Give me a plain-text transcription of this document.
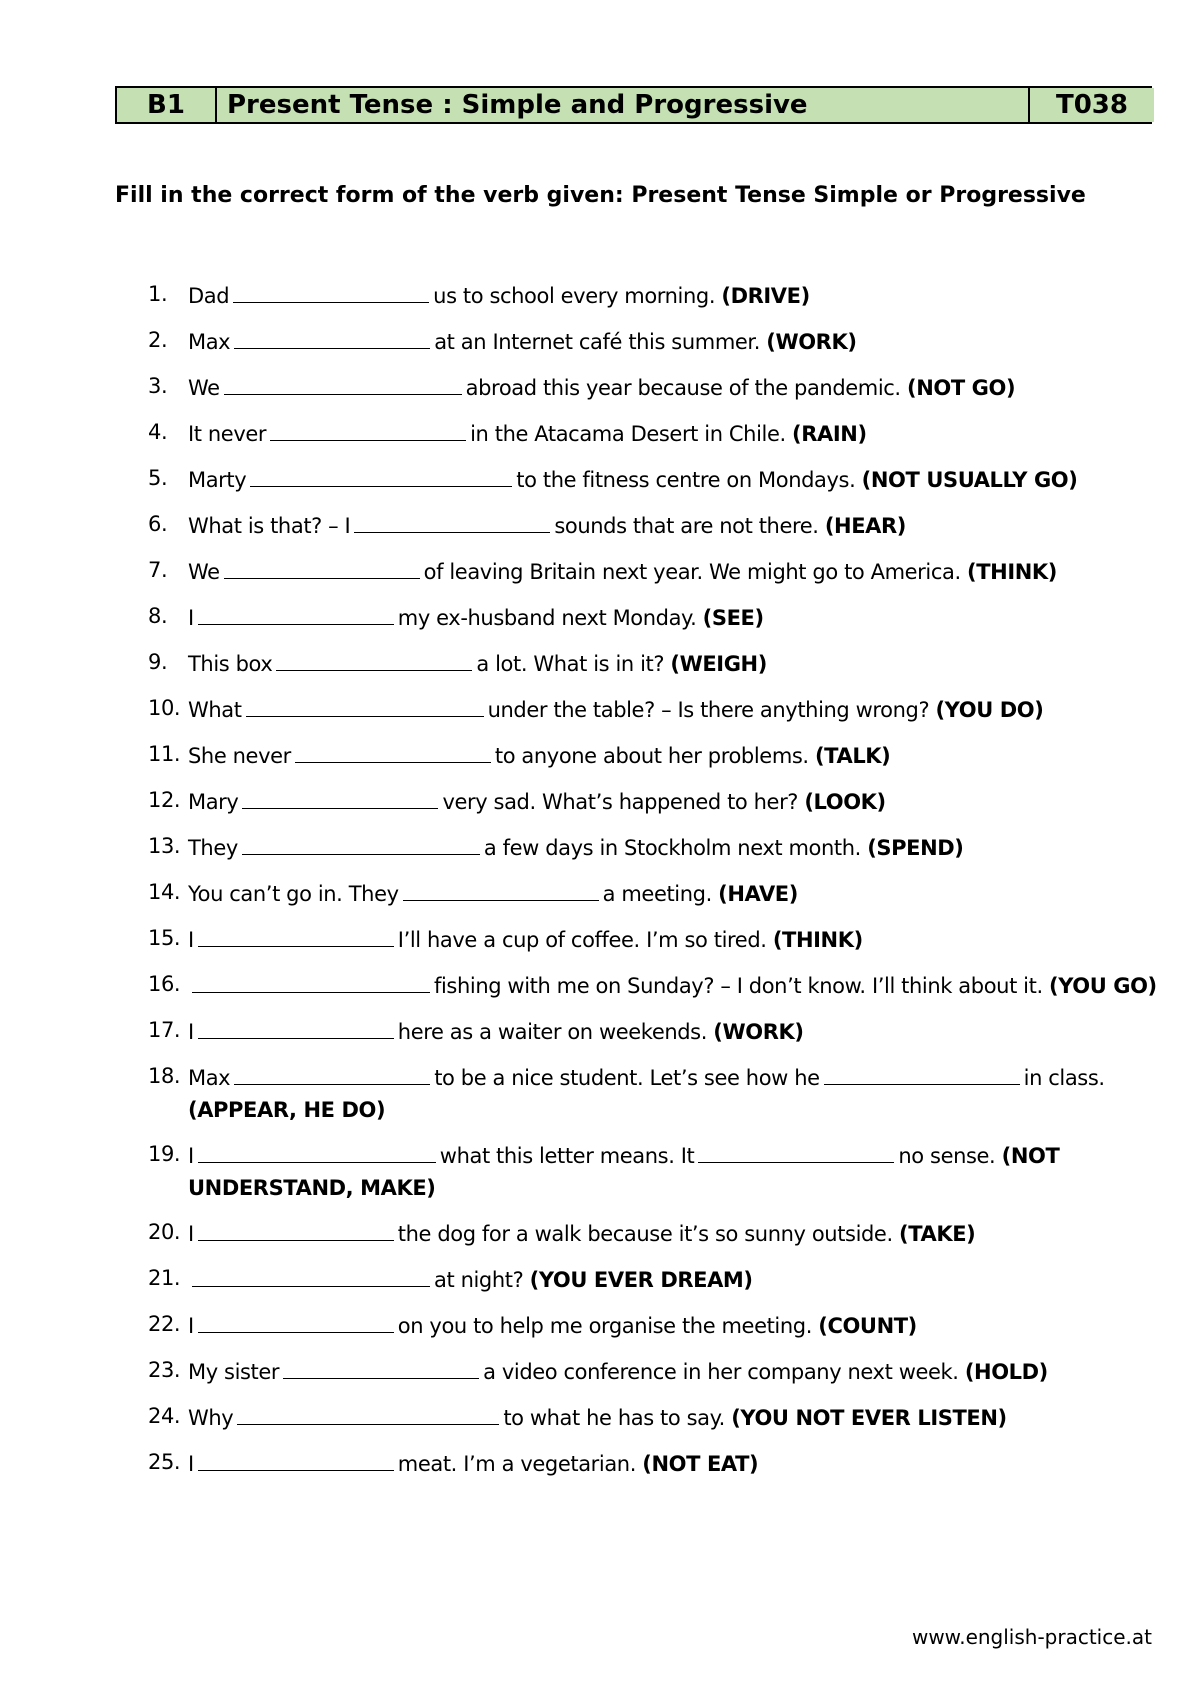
B1	Present Tense : Simple and Progressive	T038
Fill in the correct form of the verb given: Present Tense Simple or Progressive
1. Dad	us to school every morning. (DRIVE)
2. Max	at an Internet café this summer. (WORK)
3. We	abroad this year because of the pandemic. (NOT GO)
4. It never	in the Atacama Desert in Chile. (RAIN)
5. Marty	to the fitness centre on Mondays. (NOT USUALLY GO)
6. What is that? – I	sounds that are not there. (HEAR)
7. We	of leaving Britain next year. We might go to America. (THINK)
8. I	my ex-husband next Monday. (SEE)
9. This box	a lot. What is in it? (WEIGH)
10. What	under the table? – Is there anything wrong? (YOU DO)
11. She never	to anyone about her problems. (TALK)
12. Mary	very sad. What’s happened to her? (LOOK)
13. They	a few days in Stockholm next month. (SPEND)
14. You can’t go in. They	a meeting. (HAVE)
15. I	I’ll have a cup of coffee. I’m so tired. (THINK)
16.	fishing with me on Sunday? – I don’t know. I’ll think about it. (YOU GO)
17. I	here as a waiter on weekends. (WORK)
18. Max	to be a nice student. Let’s see how he	in class. (APPEAR, HE DO)
19. I	what this letter means. It	no sense. (NOT UNDERSTAND, MAKE)
20. I	the dog for a walk because it’s so sunny outside. (TAKE)
21.	at night? (YOU EVER DREAM)
22. I	on you to help me organise the meeting. (COUNT)
23. My sister	a video conference in her company next week. (HOLD)
24. Why	to what he has to say. (YOU NOT EVER LISTEN)
25. I	meat. I’m a vegetarian. (NOT EAT)
www.english-practice.at
